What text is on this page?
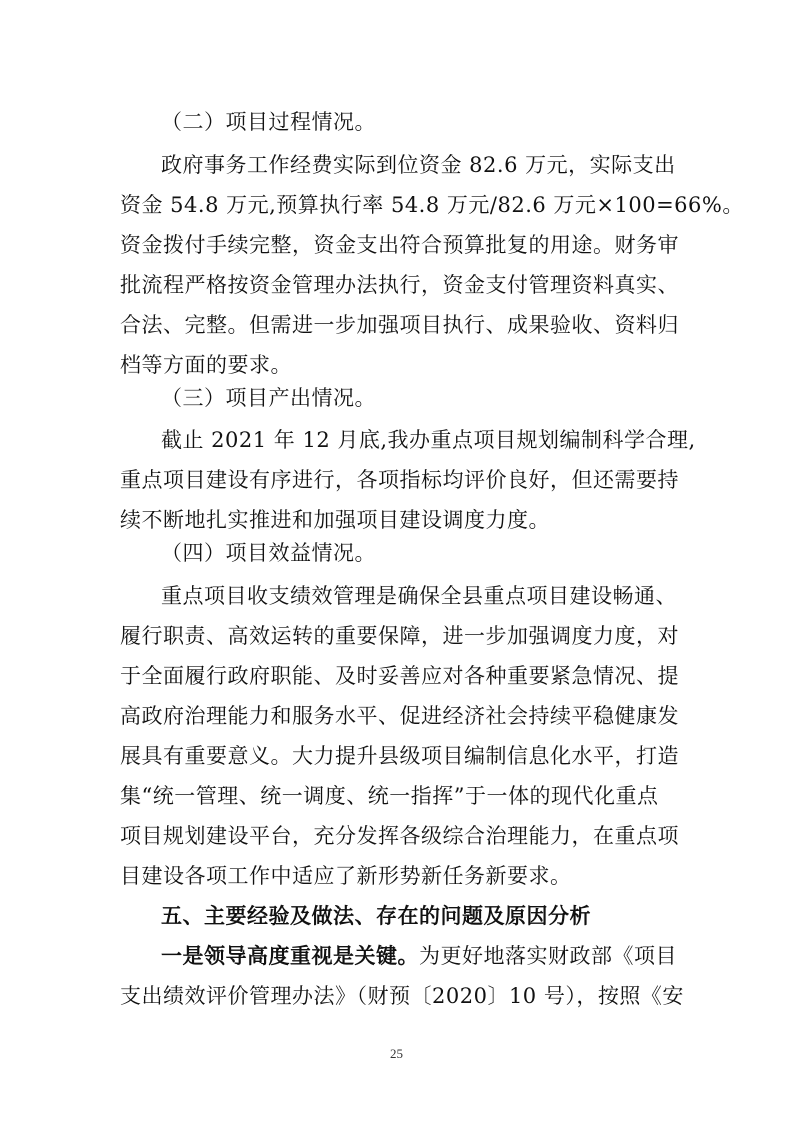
（二）项目过程情况。
政府事务工作经费实际到位资金 82.6 万元，实际支出
资金 54.8 万元,预算执行率 54.8 万元/82.6 万元×100=66%。
资金拨付手续完整，资金支出符合预算批复的用途。财务审
批流程严格按资金管理办法执行，资金支付管理资料真实、
合法、完整。但需进一步加强项目执行、成果验收、资料归
档等方面的要求。
（三）项目产出情况。
截止 2021 年 12 月底,我办重点项目规划编制科学合理,
重点项目建设有序进行，各项指标均评价良好，但还需要持
续不断地扎实推进和加强项目建设调度力度。
（四）项目效益情况。
重点项目收支绩效管理是确保全县重点项目建设畅通、
履行职责、高效运转的重要保障，进一步加强调度力度，对
于全面履行政府职能、及时妥善应对各种重要紧急情况、提
高政府治理能力和服务水平、促进经济社会持续平稳健康发
展具有重要意义。大力提升县级项目编制信息化水平，打造
集“统一管理、统一调度、统一指挥”于一体的现代化重点
项目规划建设平台，充分发挥各级综合治理能力，在重点项
目建设各项工作中适应了新形势新任务新要求。
五、主要经验及做法、存在的问题及原因分析
一是领导高度重视是关键。为更好地落实财政部《项目
支出绩效评价管理办法》（财预〔2020〕10 号），按照《安
25
